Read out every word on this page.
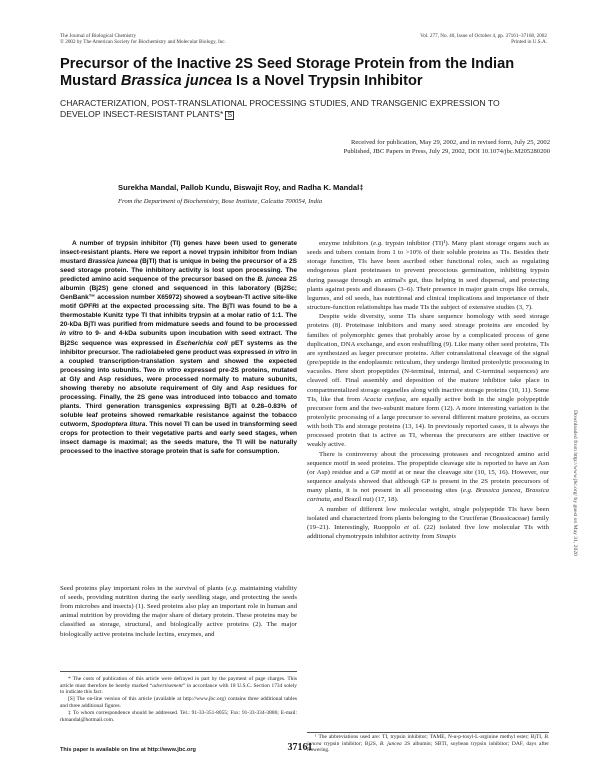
The Journal of Biological Chemistry
© 2002 by The American Society for Biochemistry and Molecular Biology, Inc.
Vol. 277, No. 40, Issue of October 4, pp. 37161–37168, 2002
Printed in U.S.A.
Precursor of the Inactive 2S Seed Storage Protein from the Indian Mustard Brassica juncea Is a Novel Trypsin Inhibitor
CHARACTERIZATION, POST-TRANSLATIONAL PROCESSING STUDIES, AND TRANSGENIC EXPRESSION TO DEVELOP INSECT-RESISTANT PLANTS* S
Received for publication, May 29, 2002, and in revised form, July 25, 2002
Published, JBC Papers in Press, July 29, 2002, DOI 10.1074/jbc.M205280200
Surekha Mandal, Pallob Kundu, Biswajit Roy, and Radha K. Mandal‡
From the Department of Biochemistry, Bose Institute, Calcutta 700054, India

A number of trypsin inhibitor (TI) genes have been used to generate insect-resistant plants. Here we report a novel trypsin inhibitor from Indian mustard Brassica juncea (BjTI) that is unique in being the precursor of a 2S seed storage protein. The inhibitory activity is lost upon processing. The predicted amino acid sequence of the precursor based on the B. juncea 2S albumin (Bj2S) gene cloned and sequenced in this laboratory (Bj2Sc; GenBank™ accession number X65972) showed a soybean-TI active site-like motif GPFRI at the expected processing site. The BjTI was found to be a thermostable Kunitz type TI that inhibits trypsin at a molar ratio of 1:1. The 20-kDa BjTI was purified from midmature seeds and found to be processed in vitro to 9- and 4-kDa subunits upon incubation with seed extract. The Bj2Sc sequence was expressed in Escherichia coli pET systems as the inhibitor precursor. The radiolabeled gene product was expressed in vitro in a coupled transcription-translation system and showed the expected processing into subunits. Two in vitro expressed pre-2S proteins, mutated at Gly and Asp residues, were processed normally to mature subunits, showing thereby no absolute requirement of Gly and Asp residues for processing. Finally, the 2S gene was introduced into tobacco and tomato plants. Third generation transgenics expressing BjTI at 0.28–0.83% of soluble leaf proteins showed remarkable resistance against the tobacco cutworm, Spodoptera litura. This novel TI can be used in transforming seed crops for protection to their vegetative parts and early seed stages, when insect damage is maximal; as the seeds mature, the TI will be naturally processed to the inactive storage protein that is safe for consumption.

Seed proteins play important roles in the survival of plants (e.g. maintaining viability of seeds, providing nutrition during the early seedling stage, and protecting the seeds from microbes and insects) (1). Seed proteins also play an important role in human and animal nutrition by providing the major share of dietary protein. These proteins may be classified as storage, structural, and biologically active proteins (2). The major biologically active proteins include lectins, enzymes, and

enzyme inhibitors (e.g. trypsin inhibitor (TI)¹). Many plant storage organs such as seeds and tubers contain from 1 to >10% of their soluble proteins as TIs. Besides their storage function, TIs have been ascribed other functional roles, such as regulating endogenous plant proteinases to prevent precocious germination, inhibiting trypsin during passage through an animal's gut, thus helping in seed dispersal, and protecting plants against pests and diseases (3–6). Their presence in major grain crops like cereals, legumes, and oil seeds, has nutritional and clinical implications and importance of their structure-function relationships has made TIs the subject of extensive studies (3, 7).

Despite wide diversity, some TIs share sequence homology with seed storage proteins (8). Proteinase inhibitors and many seed storage proteins are encoded by families of polymorphic genes that probably arose by a complicated process of gene duplication, DNA exchange, and exon reshuffling (9). Like many other seed proteins, TIs are synthesized as larger precursor proteins. After cotranslational cleavage of the signal (pre/peptide in the endoplasmic reticulum, they undergo limited proteolytic processing in vacuoles. Here short propeptides (N-terminal, internal, and C-terminal sequences) are cleaved off. Final assembly and deposition of the mature inhibitor take place in compartmentalized storage organelles along with inactive storage proteins (10, 11). Some TIs, like that from Acacia confusa, are equally active both in the single polypeptide precursor form and the two-subunit mature form (12). A more interesting variation is the proteolytic processing of a large precursor to several different mature proteins, as occurs with both TIs and storage proteins (13, 14). In previously reported cases, it is always the processed protein that is active as TI, whereas the precursors are either inactive or weakly active.

There is controversy about the processing proteases and recognized amino acid sequence motif in seed proteins. The propeptide cleavage site is reported to have an Asn (or Asp) residue and a GP motif at or near the cleavage site (10, 15, 16). However, our sequence analysis showed that although GP is present in the 2S protein precursors of many plants, it is not present in all processing sites (e.g. Brassica juncea, Brassica carinata, and Brazil nut) (17, 18).

A number of different low molecular weight, single polypeptide TIs have been isolated and characterized from plants belonging to the Cruciferae (Brassicaceae) family (19–21). Interestingly, Ruoppolo et al. (22) isolated five low molecular TIs with additional chymotrypsin inhibitor activity from Sinapis

* The costs of publication of this article were defrayed in part by the payment of page charges. This article must therefore be hereby marked “advertisement” in accordance with 18 U.S.C. Section 1734 solely to indicate this fact.

[S] The on-line version of this article (available at http://www.jbc.org) contains three additional tables and three additional figures.

‡ To whom correspondence should be addressed. Tel.: 91-33-351-8055; Fax: 91-33-334-3886; E-mail: rkmandal@hotmail.com.

¹ The abbreviations used are: TI, trypsin inhibitor; TAME, N-α-p-tosyl-L-arginine methyl ester; BjTI, B. juncea trypsin inhibitor; Bj2S, B. juncea 2S albumin; SBTI, soybean trypsin inhibitor; DAF, days after flowering.

This paper is available on line at http://www.jbc.org	37161
Downloaded from http://www.jbc.org/ by guest on May 31, 2020
